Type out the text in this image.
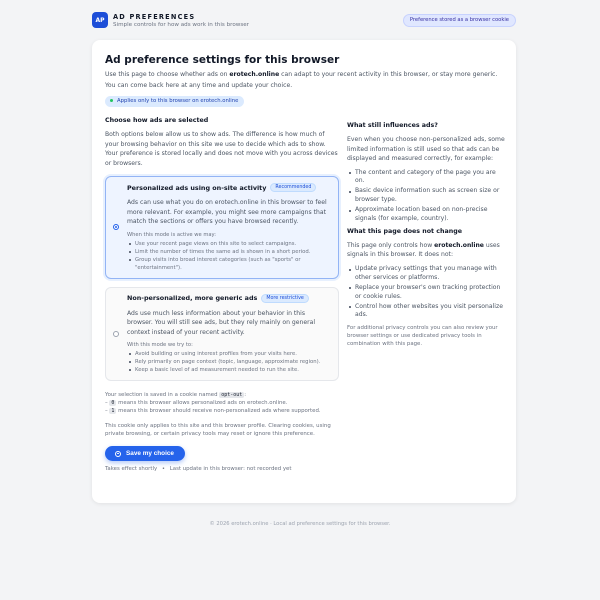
AP	AD PREFERENCES
Simple controls for how ads work in this browser
Preference stored as a browser cookie
Ad preference settings for this browser
Use this page to choose whether ads on erotech.online can adapt to your recent activity in this browser, or stay more generic. You can come back here at any time and update your choice.
Applies only to this browser on erotech.online
Choose how ads are selected

Both options below allow us to show ads. The difference is how much of your browsing behavior on this site we use to decide which ads to show. Your preference is stored locally and does not move with you across devices or browsers.

Personalized ads using on-site activity	Recommended
Ads can use what you do on erotech.online in this browser to feel more relevant. For example, you might see more campaigns that match the sections or offers you have browsed recently.
When this mode is active we may:
Use your recent page views on this site to select campaigns.
Limit the number of times the same ad is shown in a short period.
Group visits into broad interest categories (such as "sports" or "entertainment").
Non-personalized, more generic ads	More restrictive
Ads use much less information about your behavior in this browser. You will still see ads, but they rely mainly on general context instead of your recent activity.
With this mode we try to:
Avoid building or using interest profiles from your visits here.
Rely primarily on page context (topic, language, approximate region).
Keep a basic level of ad measurement needed to run the site.
Your selection is saved in a cookie named opt-out :
– 0 means this browser allows personalized ads on erotech.online.
– 1 means this browser should receive non-personalized ads where supported.
This cookie only applies to this site and this browser profile. Clearing cookies, using private browsing, or certain privacy tools may reset or ignore this preference.
Save my choice
Takes effect shortly • Last update in this browser: not recorded yet
What still influences ads?

Even when you choose non-personalized ads, some limited information is still used so that ads can be displayed and measured correctly, for example:

The content and category of the page you are on.
Basic device information such as screen size or browser type.
Approximate location based on non-precise signals (for example, country).
What this page does not change

This page only controls how erotech.online uses signals in this browser. It does not:

Update privacy settings that you manage with other services or platforms.
Replace your browser's own tracking protection or cookie rules.
Control how other websites you visit personalize ads.
For additional privacy controls you can also review your browser settings or use dedicated privacy tools in combination with this page.
© 2026 erotech.online · Local ad preference settings for this browser.
